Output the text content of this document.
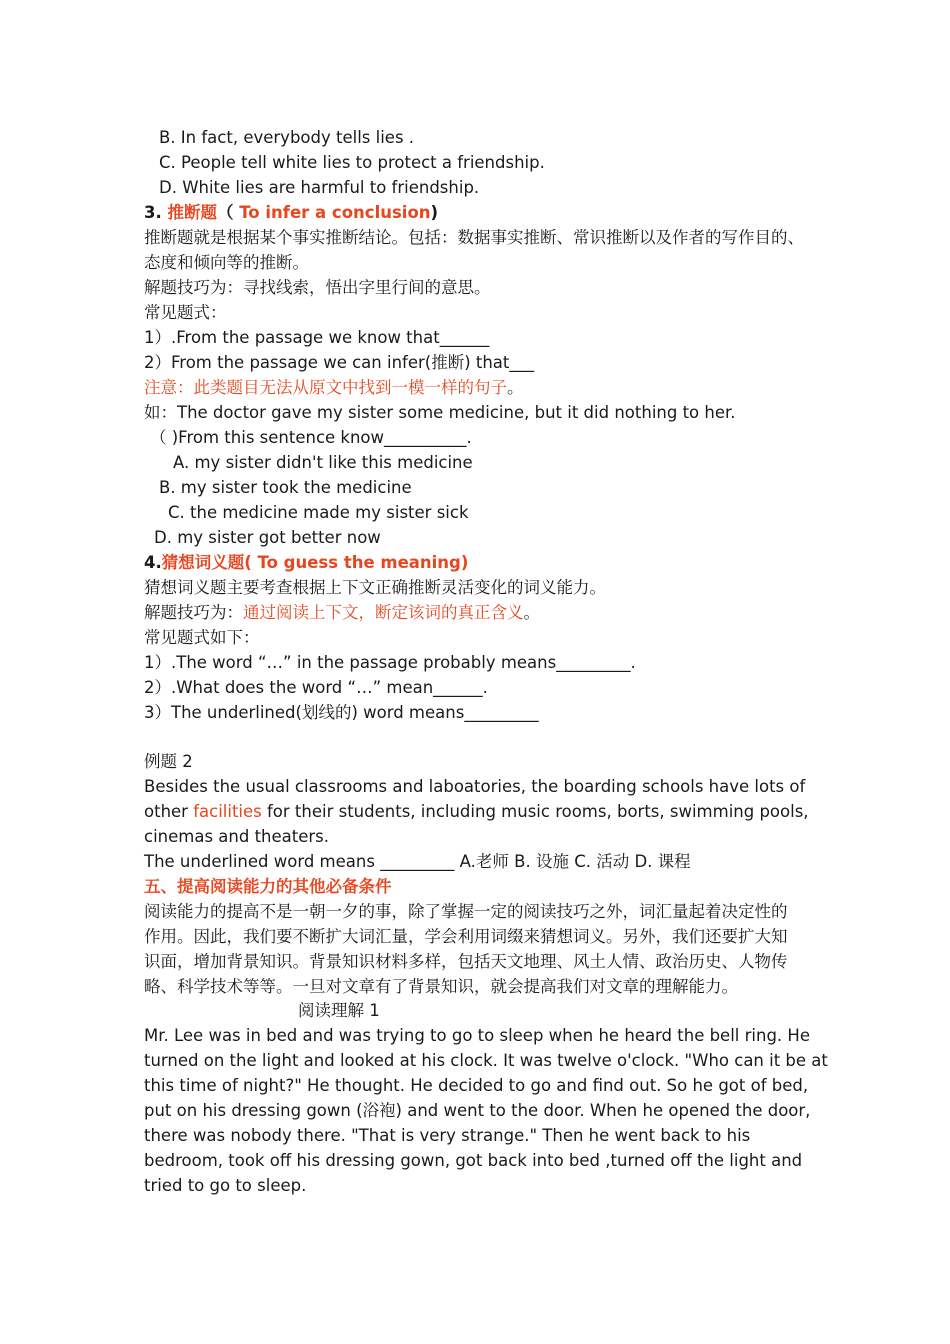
B. In fact, everybody tells lies .
C. People tell white lies to protect a friendship.
D. White lies are harmful to friendship.
3. 推断题（ To infer a conclusion)
推断题就是根据某个事实推断结论。包括：数据事实推断、常识推断以及作者的写作目的、
态度和倾向等的推断。
解题技巧为：寻找线索，悟出字里行间的意思。
常见题式：
1）.From the passage we know that______
2）From the passage we can infer(推断) that___
注意：此类题目无法从原文中找到一模一样的句子。
如：The doctor gave my sister some medicine, but it did nothing to her.
（ )From this sentence know__________.
A. my sister didn't like this medicine
B. my sister took the medicine
C. the medicine made my sister sick
D. my sister got better now
4.猜想词义题( To guess the meaning)
猜想词义题主要考查根据上下文正确推断灵活变化的词义能力。
解题技巧为：通过阅读上下文，断定该词的真正含义。
常见题式如下：
1）.The word “…” in the passage probably means_________.
2）.What does the word “…” mean______.
3）The underlined(划线的) word means_________
例题 2
Besides the usual classrooms and laboatories, the boarding schools have lots of
other facilities for their students, including music rooms, borts, swimming pools,
cinemas and theaters.
The underlined word means _________ A.老师 B. 设施 C. 活动 D. 课程
五、提高阅读能力的其他必备条件
阅读能力的提高不是一朝一夕的事，除了掌握一定的阅读技巧之外，词汇量起着决定性的
作用。因此，我们要不断扩大词汇量，学会利用词缀来猜想词义。另外，我们还要扩大知
识面，增加背景知识。背景知识材料多样，包括天文地理、风土人情、政治历史、人物传
略、科学技术等等。一旦对文章有了背景知识，就会提高我们对文章的理解能力。
阅读理解 1
Mr. Lee was in bed and was trying to go to sleep when he heard the bell ring. He
turned on the light and looked at his clock. It was twelve o'clock. "Who can it be at
this time of night?" He thought. He decided to go and find out. So he got of bed,
put on his dressing gown (浴袍) and went to the door. When he opened the door,
there was nobody there. "That is very strange." Then he went back to his
bedroom, took off his dressing gown, got back into bed ,turned off the light and
tried to go to sleep.
